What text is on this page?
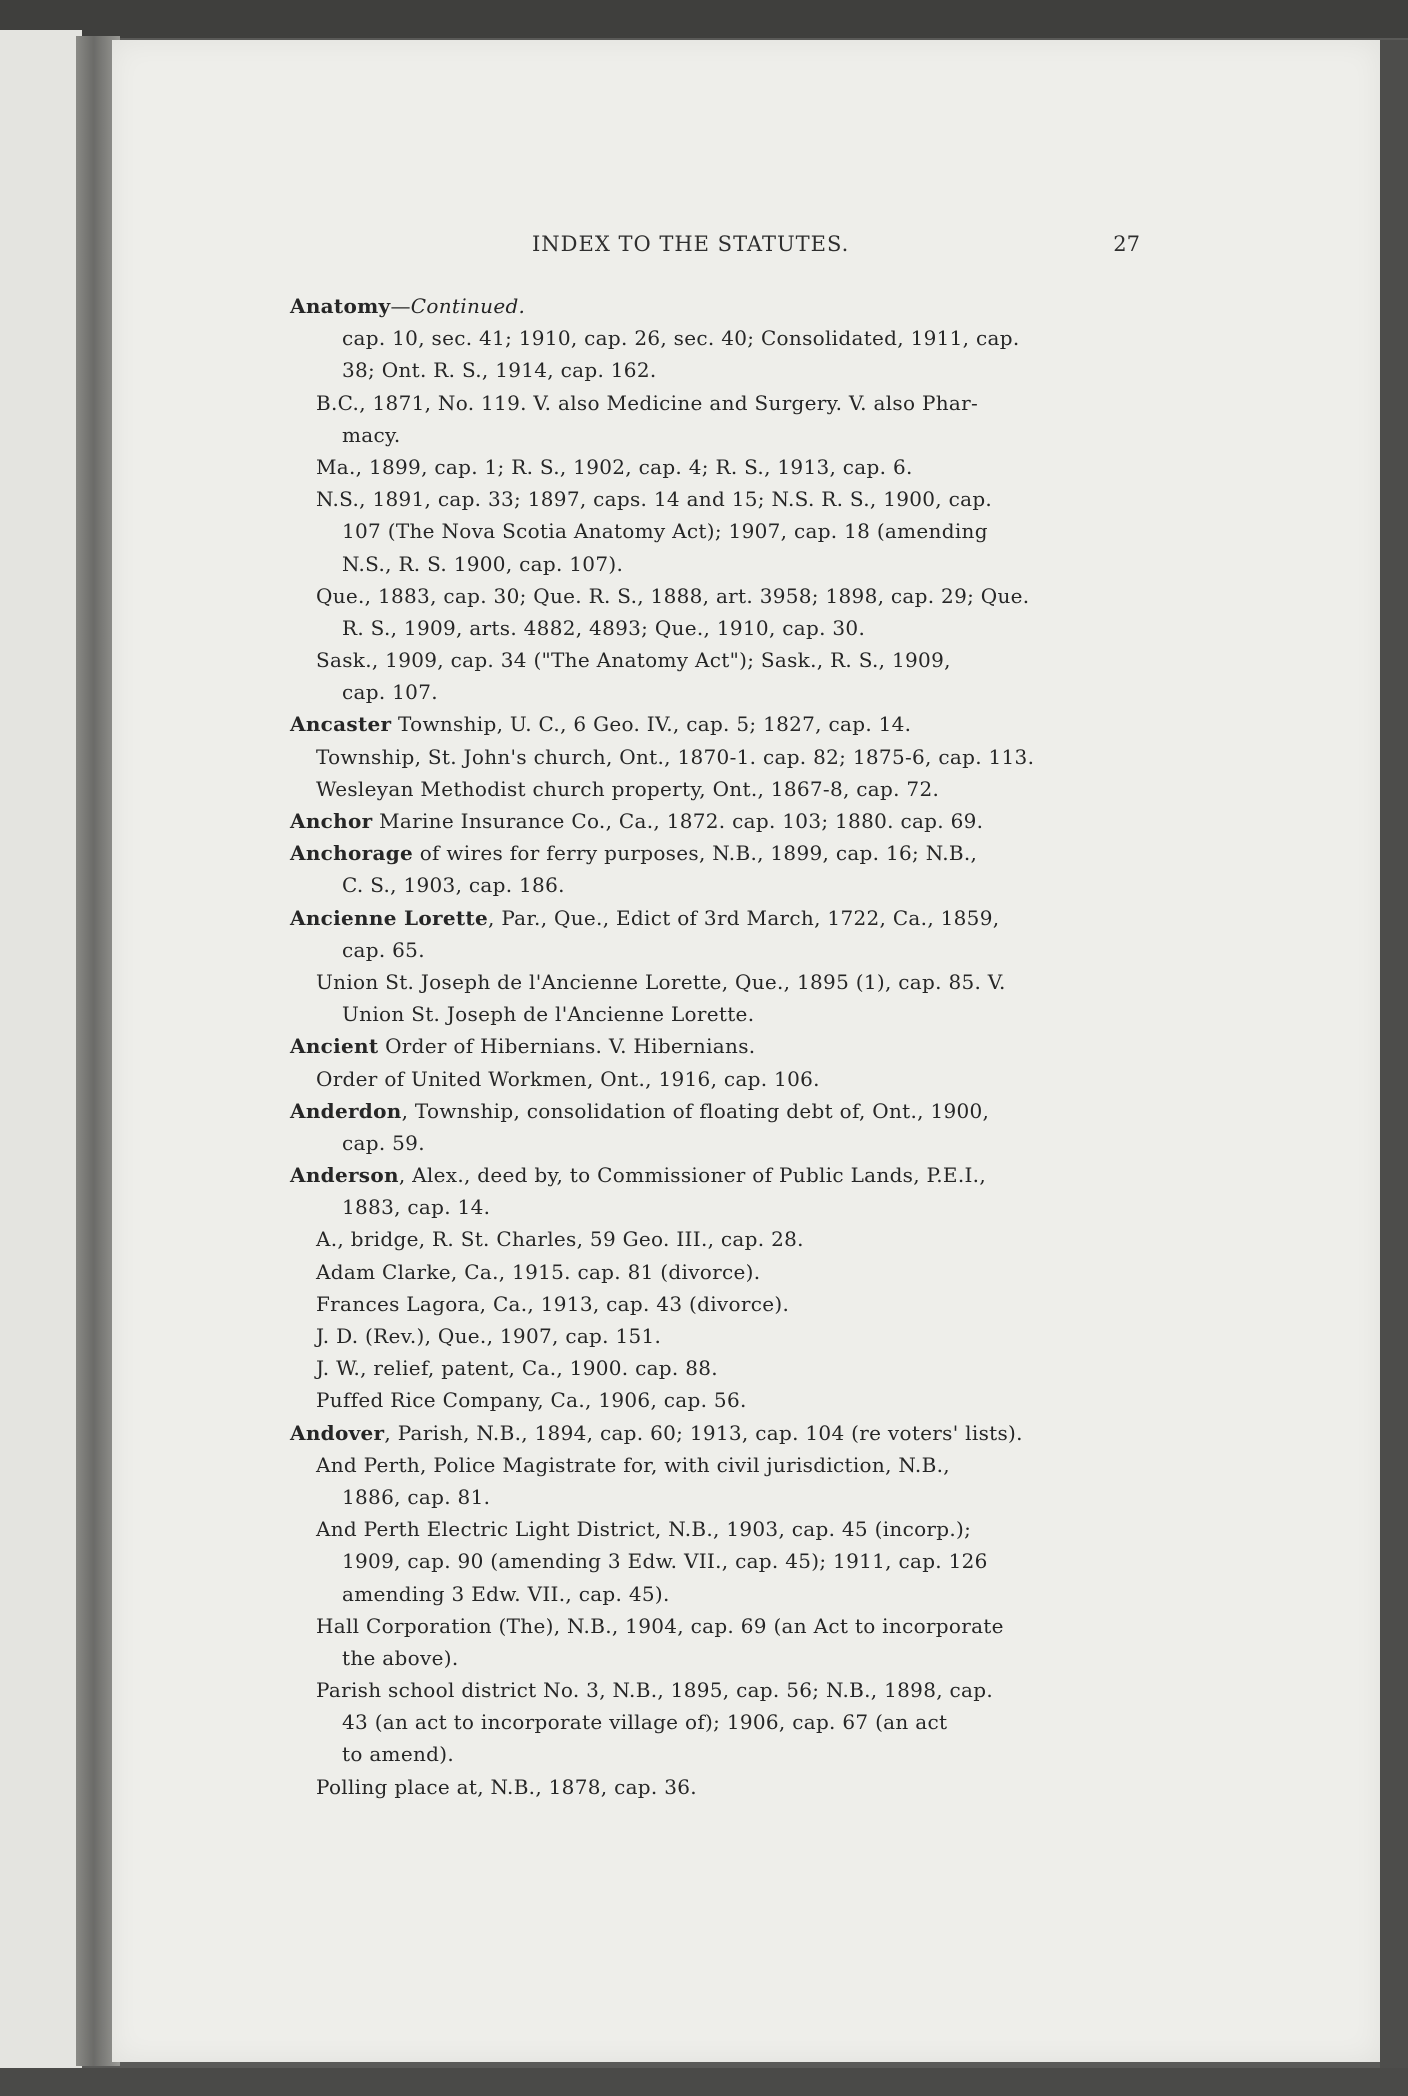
INDEX TO THE STATUTES.	27
Anatomy—Continued.
cap. 10, sec. 41; 1910, cap. 26, sec. 40; Consolidated, 1911, cap.
38; Ont. R. S., 1914, cap. 162.
B.C., 1871, No. 119. V. also Medicine and Surgery. V. also Phar-
macy.
Ma., 1899, cap. 1; R. S., 1902, cap. 4; R. S., 1913, cap. 6.
N.S., 1891, cap. 33; 1897, caps. 14 and 15; N.S. R. S., 1900, cap.
107 (The Nova Scotia Anatomy Act); 1907, cap. 18 (amending
N.S., R. S. 1900, cap. 107).
Que., 1883, cap. 30; Que. R. S., 1888, art. 3958; 1898, cap. 29; Que.
R. S., 1909, arts. 4882, 4893; Que., 1910, cap. 30.
Sask., 1909, cap. 34 ("The Anatomy Act"); Sask., R. S., 1909,
cap. 107.
Ancaster Township, U. C., 6 Geo. IV., cap. 5; 1827, cap. 14.
Township, St. John's church, Ont., 1870-1. cap. 82; 1875-6, cap. 113.
Wesleyan Methodist church property, Ont., 1867-8, cap. 72.
Anchor Marine Insurance Co., Ca., 1872. cap. 103; 1880. cap. 69.
Anchorage of wires for ferry purposes, N.B., 1899, cap. 16; N.B.,
C. S., 1903, cap. 186.
Ancienne Lorette, Par., Que., Edict of 3rd March, 1722, Ca., 1859,
cap. 65.
Union St. Joseph de l'Ancienne Lorette, Que., 1895 (1), cap. 85. V.
Union St. Joseph de l'Ancienne Lorette.
Ancient Order of Hibernians. V. Hibernians.
Order of United Workmen, Ont., 1916, cap. 106.
Anderdon, Township, consolidation of floating debt of, Ont., 1900,
cap. 59.
Anderson, Alex., deed by, to Commissioner of Public Lands, P.E.I.,
1883, cap. 14.
A., bridge, R. St. Charles, 59 Geo. III., cap. 28.
Adam Clarke, Ca., 1915. cap. 81 (divorce).
Frances Lagora, Ca., 1913, cap. 43 (divorce).
J. D. (Rev.), Que., 1907, cap. 151.
J. W., relief, patent, Ca., 1900. cap. 88.
Puffed Rice Company, Ca., 1906, cap. 56.
Andover, Parish, N.B., 1894, cap. 60; 1913, cap. 104 (re voters' lists).
And Perth, Police Magistrate for, with civil jurisdiction, N.B.,
1886, cap. 81.
And Perth Electric Light District, N.B., 1903, cap. 45 (incorp.);
1909, cap. 90 (amending 3 Edw. VII., cap. 45); 1911, cap. 126
amending 3 Edw. VII., cap. 45).
Hall Corporation (The), N.B., 1904, cap. 69 (an Act to incorporate
the above).
Parish school district No. 3, N.B., 1895, cap. 56; N.B., 1898, cap.
43 (an act to incorporate village of); 1906, cap. 67 (an act
to amend).
Polling place at, N.B., 1878, cap. 36.
